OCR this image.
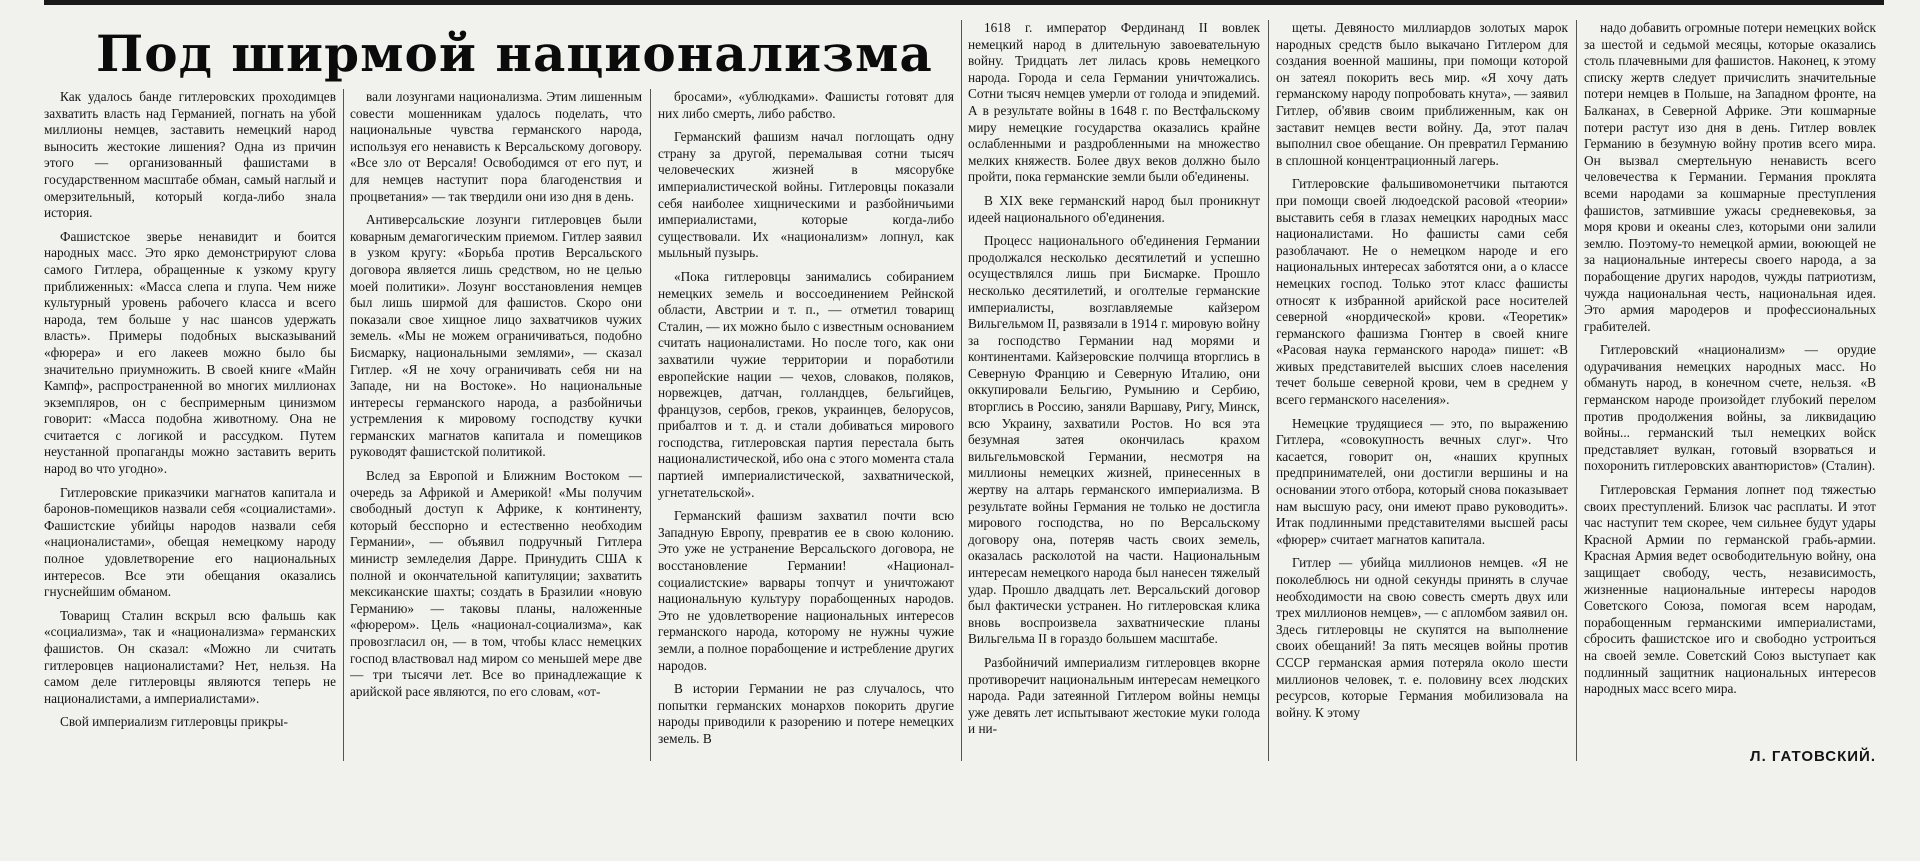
Под ширмой национализма

Как удалось банде гитлеровских проходимцев захватить власть над Германией, погнать на убой миллионы немцев, заставить немецкий народ выносить жестокие лишения? Одна из причин этого — организованный фашистами в государственном масштабе обман, самый наглый и омерзительный, который когда-либо знала история.

Фашистское зверье ненавидит и боится народных масс. Это ярко демонстрируют слова самого Гитлера, обращенные к узкому кругу приближенных: «Масса слепа и глупа. Чем ниже культурный уровень рабочего класса и всего народа, тем больше у нас шансов удержать власть». Примеры подобных высказываний «фюрера» и его лакеев можно было бы значительно приумножить. В своей книге «Майн Кампф», распространенной во многих миллионах экземпляров, он с беспримерным цинизмом говорит: «Масса подобна животному. Она не считается с логикой и рассудком. Путем неустанной пропаганды можно заставить верить народ во что угодно».

Гитлеровские приказчики магнатов капитала и баронов-помещиков назвали себя «социалистами». Фашистские убийцы народов назвали себя «националистами», обещая немецкому народу полное удовлетворение его национальных интересов. Все эти обещания оказались гнуснейшим обманом.

Товарищ Сталин вскрыл всю фальшь как «социализма», так и «национализма» германских фашистов. Он сказал: «Можно ли считать гитлеровцев националистами? Нет, нельзя. На самом деле гитлеровцы являются теперь не националистами, а империалистами».

Свой империализм гитлеровцы прикры-

вали лозунгами национализма. Этим лишенным совести мошенникам удалось поделать, что национальные чувства германского народа, используя его ненависть к Версальскому договору. «Все зло от Версаля! Освободимся от его пут, и для немцев наступит пора благоденствия и процветания» — так твердили они изо дня в день.

Антиверсальские лозунги гитлеровцев были коварным демагогическим приемом. Гитлер заявил в узком кругу: «Борьба против Версальского договора является лишь средством, но не целью моей политики». Лозунг восстановления немцев был лишь ширмой для фашистов. Скоро они показали свое хищное лицо захватчиков чужих земель. «Мы не можем ограничиваться, подобно Бисмарку, национальными землями», — сказал Гитлер. «Я не хочу ограничивать себя ни на Западе, ни на Востоке». Но национальные интересы германского народа, а разбойничьи устремления к мировому господству кучки германских магнатов капитала и помещиков руководят фашистской политикой.

Вслед за Европой и Ближним Востоком — очередь за Африкой и Америкой! «Мы получим свободный доступ к Африке, к континенту, который бесспорно и естественно необходим Германии», — объявил подручный Гитлера министр земледелия Дарре. Принудить США к полной и окончательной капитуляции; захватить мексиканские шахты; создать в Бразилии «новую Германию» — таковы планы, наложенные «фюрером». Цель «национал-социализма», как провозгласил он, — в том, чтобы класс немецких господ властвовал над миром со меньшей мере две — три тысячи лет. Все во принадлежащие к арийской расе являются, по его словам, «от-

бросами», «ублюдками». Фашисты готовят для них либо смерть, либо рабство.

Германский фашизм начал поглощать одну страну за другой, перемалывая сотни тысяч человеческих жизней в мясорубке империалистической войны. Гитлеровцы показали себя наиболее хищническими и разбойничьими империалистами, которые когда-либо существовали. Их «национализм» лопнул, как мыльный пузырь.

«Пока гитлеровцы занимались собиранием немецких земель и воссоединением Рейнской области, Австрии и т. п., — отметил товарищ Сталин, — их можно было с известным основанием считать националистами. Но после того, как они захватили чужие территории и поработили европейские нации — чехов, словаков, поляков, норвежцев, датчан, голландцев, бельгийцев, французов, сербов, греков, украинцев, белорусов, прибалтов и т. д. и стали добиваться мирового господства, гитлеровская партия перестала быть националистической, ибо она с этого момента стала партией империалистической, захватнической, угнетательской».

Германский фашизм захватил почти всю Западную Европу, превратив ее в свою колонию. Это уже не устранение Версальского договора, не восстановление Германии! «Национал-социалистские» варвары топчут и уничтожают национальную культуру порабощенных народов. Это не удовлетворение национальных интересов германского народа, которому не нужны чужие земли, а полное порабощение и истребление других народов.

В истории Германии не раз случалось, что попытки германских монархов покорить другие народы приводили к разорению и потере немецких земель. В

1618 г. император Фердинанд II вовлек немецкий народ в длительную завоевательную войну. Тридцать лет лилась кровь немецкого народа. Города и села Германии уничтожались. Сотни тысяч немцев умерли от голода и эпидемий. А в результате войны в 1648 г. по Вестфальскому миру немецкие государства оказались крайне ослабленными и раздробленными на множество мелких княжеств. Более двух веков должно было пройти, пока германские земли были об'единены.

В XIX веке германский народ был проникнут идеей национального об'единения.

Процесс национального об'единения Германии продолжался несколько десятилетий и успешно осуществлялся лишь при Бисмарке. Прошло несколько десятилетий, и оголтелые германские империалисты, возглавляемые кайзером Вильгельмом II, развязали в 1914 г. мировую войну за господство Германии над морями и континентами. Кайзеровские полчища вторглись в Северную Францию и Северную Италию, они оккупировали Бельгию, Румынию и Сербию, вторглись в Россию, заняли Варшаву, Ригу, Минск, всю Украину, захватили Ростов. Но вся эта безумная затея окончилась крахом вильгельмовской Германии, несмотря на миллионы немецких жизней, принесенных в жертву на алтарь германского империализма. В результате войны Германия не только не достигла мирового господства, но по Версальскому договору она, потеряв часть своих земель, оказалась расколотой на части. Национальным интересам немецкого народа был нанесен тяжелый удар. Прошло двадцать лет. Версальский договор был фактически устранен. Но гитлеровская клика вновь воспроизвела захватнические планы Вильгельма II в гораздо большем масштабе.

Разбойничий империализм гитлеровцев вкорне противоречит национальным интересам немецкого народа. Ради затеянной Гитлером войны немцы уже девять лет испытывают жестокие муки голода и ни-

щеты. Девяносто миллиардов золотых марок народных средств было выкачано Гитлером для создания военной машины, при помощи которой он затеял покорить весь мир. «Я хочу дать германскому народу попробовать кнута», — заявил Гитлер, об'явив своим приближенным, как он заставит немцев вести войну. Да, этот палач выполнил свое обещание. Он превратил Германию в сплошной концентрационный лагерь.

Гитлеровские фальшивомонетчики пытаются при помощи своей людоедской расовой «теории» выставить себя в глазах немецких народных масс националистами. Но фашисты сами себя разоблачают. Не о немецком народе и его национальных интересах заботятся они, а о классе немецких господ. Только этот класс фашисты относят к избранной арийской расе носителей северной «нордической» крови. «Теоретик» германского фашизма Гюнтер в своей книге «Расовая наука германского народа» пишет: «В живых представителей высших слоев населения течет больше северной крови, чем в среднем у всего германского населения».

Немецкие трудящиеся — это, по выражению Гитлера, «совокупность вечных слуг». Что касается, говорит он, «наших крупных предпринимателей, они достигли вершины и на основании этого отбора, который снова показывает нам высшую расу, они имеют право руководить». Итак подлинными представителями высшей расы «фюрер» считает магнатов капитала.

Гитлер — убийца миллионов немцев. «Я не поколеблюсь ни одной секунды принять в случае необходимости на свою совесть смерть двух или трех миллионов немцев», — с апломбом заявил он. Здесь гитлеровцы не скупятся на выполнение своих обещаний! За пять месяцев войны против СССР германская армия потеряла около шести миллионов человек, т. е. половину всех людских ресурсов, которые Германия мобилизовала на войну. К этому

надо добавить огромные потери немецких войск за шестой и седьмой месяцы, которые оказались столь плачевными для фашистов. Наконец, к этому списку жертв следует причислить значительные потери немцев в Польше, на Западном фронте, на Балканах, в Северной Африке. Эти кошмарные потери растут изо дня в день. Гитлер вовлек Германию в безумную войну против всего мира. Он вызвал смертельную ненависть всего человечества к Германии. Германия проклята всеми народами за кошмарные преступления фашистов, затмившие ужасы средневековья, за моря крови и океаны слез, которыми они залили землю. Поэтому-то немецкой армии, воюющей не за национальные интересы своего народа, а за порабощение других народов, чужды патриотизм, чужда национальная честь, национальная идея. Это армия мародеров и профессиональных грабителей.

Гитлеровский «национализм» — орудие одурачивания немецких народных масс. Но обмануть народ, в конечном счете, нельзя. «В германском народе произойдет глубокий перелом против продолжения войны, за ликвидацию войны... германский тыл немецких войск представляет вулкан, готовый взорваться и похоронить гитлеровских авантюристов» (Сталин).

Гитлеровская Германия лопнет под тяжестью своих преступлений. Близок час расплаты. И этот час наступит тем скорее, чем сильнее будут удары Красной Армии по германской грабь-армии. Красная Армия ведет освободительную войну, она защищает свободу, честь, независимость, жизненные национальные интересы народов Советского Союза, помогая всем народам, порабощенным германскими империалистами, сбросить фашистское иго и свободно устроиться на своей земле. Советский Союз выступает как подлинный защитник национальных интересов народных масс всего мира.

Л. ГАТОВСКИЙ.
